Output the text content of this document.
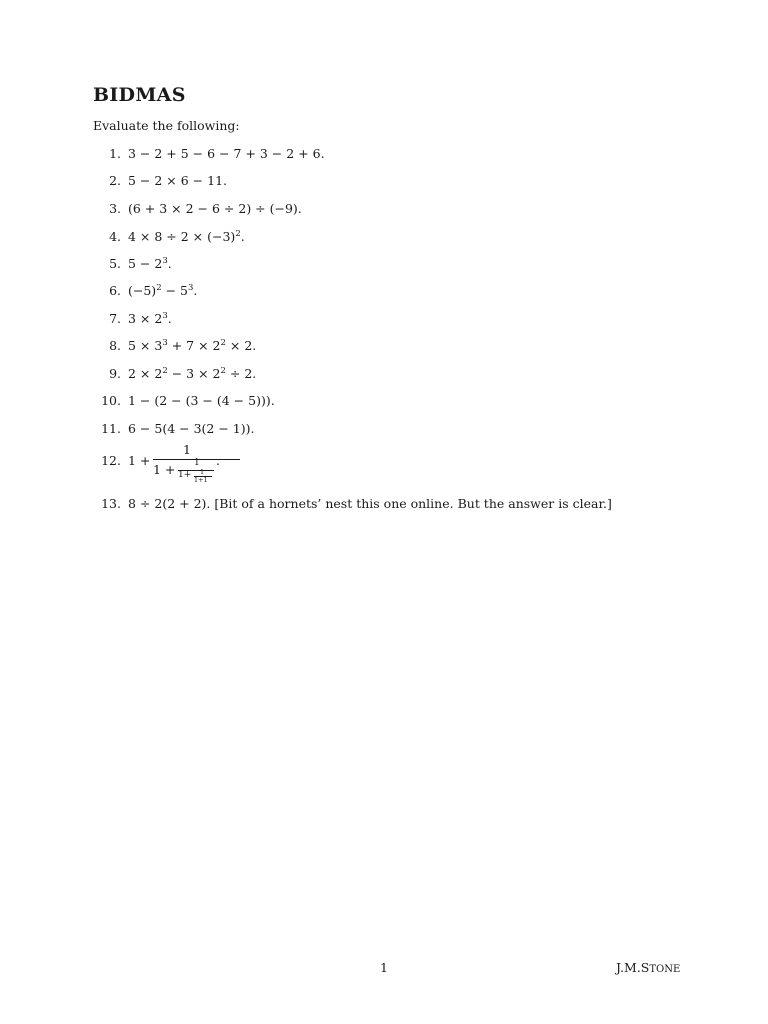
BIDMAS
Evaluate the following:
1. 3 − 2 + 5 − 6 − 7 + 3 − 2 + 6.
2. 5 − 2 × 6 − 11.
3. (6 + 3 × 2 − 6 ÷ 2) ÷ (−9).
4. $4 \times 8 \div 2 \times (-3)^2$.
5. $5 - 2^3$.
6. $(-5)^2 - 5^3$.
7. $3 \times 2^3$.
8. $5 \times 3^3 + 7 \times 2^2 \times 2$.
9. $2 \times 2^2 - 3 \times 2^2 \div 2$.
10. 1 − (2 − (3 − (4 − 5))).
11. 6 − 5(4 − 3(2 − 1)).
12. 1 +
1
1 + 1
1+ 1
1+1
.
13. 8 ÷ 2(2 + 2). [Bit of a hornets’ nest this one online. But the answer is clear.]
1	J.M.STONE
